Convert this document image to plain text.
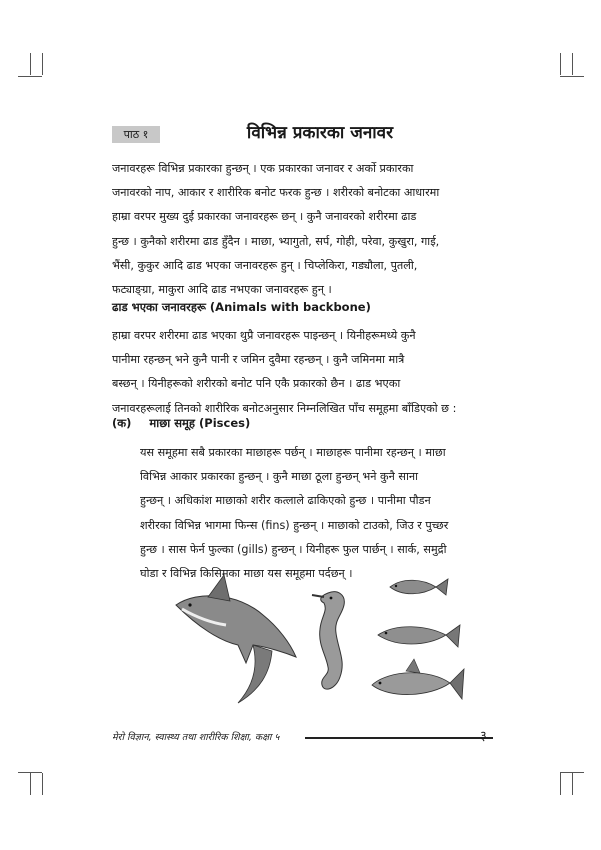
पाठ १	विभिन्न प्रकारका जनावर
जनावरहरू विभिन्न प्रकारका हुन्छन् । एक प्रकारका जनावर र अर्को प्रकारका
जनावरको नाप, आकार र शारीरिक बनोट फरक हुन्छ । शरीरको बनोटका आधारमा
हाम्रा वरपर मुख्य दुई प्रकारका जनावरहरू छन् । कुनै जनावरको शरीरमा ढाड
हुन्छ । कुनैको शरीरमा ढाड हुँदैन । माछा, भ्यागुतो, सर्प, गोही, परेवा, कुखुरा, गाई,
भैंसी, कुकुर आदि ढाड भएका जनावरहरू हुन् । चिप्लेकिरा, गड्यौला, पुतली,
फट्याङ्ग्रा, माकुरा आदि ढाड नभएका जनावरहरू हुन् ।
ढाड भएका जनावरहरू (Animals with backbone)
हाम्रा वरपर शरीरमा ढाड भएका थुप्रै जनावरहरू पाइन्छन् । यिनीहरूमध्ये कुनै
पानीमा रहन्छन् भने कुनै पानी र जमिन दुवैमा रहन्छन् । कुनै जमिनमा मात्रै
बस्छन् । यिनीहरूको शरीरको बनोट पनि एकै प्रकारको छैन । ढाड भएका
जनावरहरूलाई तिनको शारीरिक बनोटअनुसार निम्नलिखित पाँच समूहमा बाँडिएको छ :
(क) माछा समूह (Pisces)
यस समूहमा सबै प्रकारका माछाहरू पर्छन् । माछाहरू पानीमा रहन्छन् । माछा
विभिन्न आकार प्रकारका हुन्छन् । कुनै माछा ठूला हुन्छन् भने कुनै साना
हुन्छन् । अधिकांश माछाको शरीर कत्लाले ढाकिएको हुन्छ । पानीमा पौडन
शरीरका विभिन्न भागमा फिन्स (fins) हुन्छन् । माछाको टाउको, जिउ र पुच्छर
हुन्छ । सास फेर्न फुल्का (gills) हुन्छन् । यिनीहरू फुल पार्छन् । सार्क, समुद्री
घोडा र विभिन्न किसिमका माछा यस समूहमा पर्दछन् ।
मेरो विज्ञान, स्वास्थ्य तथा शारीरिक शिक्षा, कक्षा ५	३
